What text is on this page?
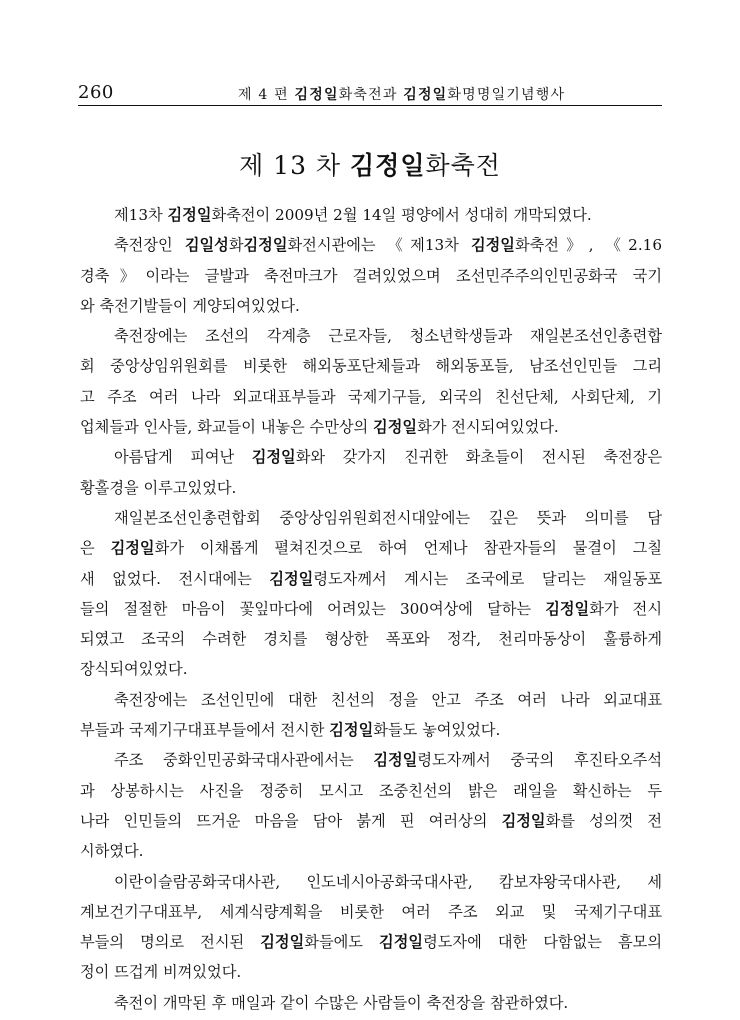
260	제 4 편 김정일화축전과 김정일화명명일기념행사
제 13 차 김정일화축전
제13차 김정일화축전이 2009년 2월 14일 평양에서 성대히 개막되였다.
축전장인 김일성화김정일화전시관에는 《제13차 김정일화축전》, 《2.16
경축》이라는 글발과 축전마크가 걸려있었으며 조선민주주의인민공화국 국기
와 축전기발들이 게양되여있었다.
축전장에는 조선의 각계층 근로자들, 청소년학생들과 재일본조선인총련합
회 중앙상임위원회를 비롯한 해외동포단체들과 해외동포들, 남조선인민들 그리
고 주조 여러 나라 외교대표부들과 국제기구들, 외국의 친선단체, 사회단체, 기
업체들과 인사들, 화교들이 내놓은 수만상의 김정일화가 전시되여있었다.
아름답게 피여난 김정일화와 갖가지 진귀한 화초들이 전시된 축전장은
황홀경을 이루고있었다.
재일본조선인총련합회 중앙상임위원회전시대앞에는 깊은 뜻과 의미를 담
은 김정일화가 이채롭게 펼쳐진것으로 하여 언제나 참관자들의 물결이 그칠
새 없었다. 전시대에는 김정일령도자께서 계시는 조국에로 달리는 재일동포
들의 절절한 마음이 꽃잎마다에 어려있는 300여상에 달하는 김정일화가 전시
되였고 조국의 수려한 경치를 형상한 폭포와 정각, 천리마동상이 훌륭하게
장식되여있었다.
축전장에는 조선인민에 대한 친선의 정을 안고 주조 여러 나라 외교대표
부들과 국제기구대표부들에서 전시한 김정일화들도 놓여있었다.
주조 중화인민공화국대사관에서는 김정일령도자께서 중국의 후진타오주석
과 상봉하시는 사진을 정중히 모시고 조중친선의 밝은 래일을 확신하는 두
나라 인민들의 뜨거운 마음을 담아 붉게 핀 여러상의 김정일화를 성의껏 전
시하였다.
이란이슬람공화국대사관, 인도네시아공화국대사관, 캄보쟈왕국대사관, 세
계보건기구대표부, 세계식량계획을 비롯한 여러 주조 외교 및 국제기구대표
부들의 명의로 전시된 김정일화들에도 김정일령도자에 대한 다함없는 흠모의
정이 뜨겁게 비껴있었다.
축전이 개막된 후 매일과 같이 수많은 사람들이 축전장을 참관하였다.
